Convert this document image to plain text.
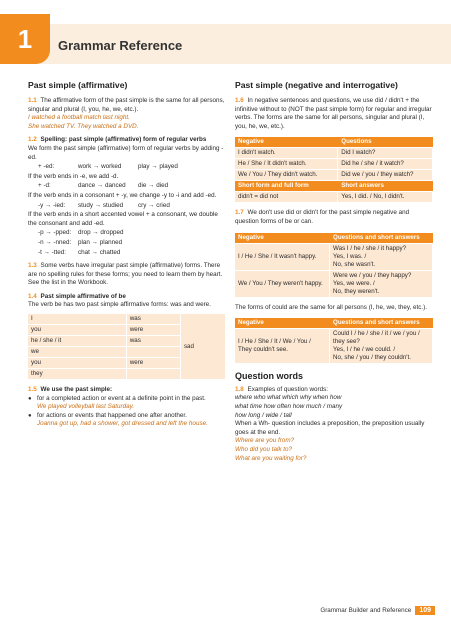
1	Grammar Reference
Past simple (affirmative)
1.1 The affirmative form of the past simple is the same for all persons, singular and plural (I, you, he, we, etc.).
I watched a football match last night.
She watched TV. They watched a DVD.
1.2 Spelling: past simple (affirmative) form of regular verbs
We form the past simple (affirmative) form of regular verbs by adding -ed.
+ -ed:	work → worked	play → played
If the verb ends in -e, we add -d.
+ -d:	dance → danced die → died
If the verb ends in a consonant + -y, we change -y to -i and add -ed.
-y → -ied: study → studied cry → cried
If the verb ends in a short accented vowel + a consonant, we double the consonant and add -ed.
-p → -pped: drop → dropped
-n → -nned: plan → planned
-t → -tted: chat → chatted
1.3 Some verbs have irregular past simple (affirmative) forms. There are no spelling rules for these forms; you need to learn them by heart. See the list in the Workbook.
1.4 Past simple affirmative of be
The verb be has two past simple affirmative forms: was and were.
I	was	sad
you	were	
he / she / it	was	
we		
you	were	
they		
1.5 We use the past simple:
● for a completed action or event at a definite point in the past.
We played volleyball last Saturday.
● for actions or events that happened one after another.
Joanna got up, had a shower, got dressed and left the house.
Past simple (negative and interrogative)
1.6 In negative sentences and questions, we use did / didn't + the infinitive without to (NOT the past simple form) for regular and irregular verbs. The forms are the same for all persons, singular and plural (I, you, he, we, etc.).
Negative	Questions
I didn't watch.	Did I watch?
He / She / It didn't watch.	Did he / she / it watch?
We / You / They didn't watch.	Did we / you / they watch?
Short form and full form	Short answers
didn't = did not	Yes, I did. / No, I didn't.
1.7 We don't use did or didn't for the past simple negative and question forms of be or can.
Negative	Questions and short answers
I / He / She / It wasn't happy.	Was I / he / she / it happy?
Yes, I was. /
No, she wasn't.

We / You / They weren't happy.	Were we / you / they happy?
Yes, we were. /
No, they weren't.
The forms of could are the same for all persons (I, he, we, they, etc.).
Negative	Questions and short answers
I / He / She / It / We / You / They couldn't see.	Could I / he / she / it / we / you / they see?
Yes, I / he / we could. /
No, she / you / they couldn't.
Question words
1.8 Examples of question words:
where who what which why when how
what time how often how much / many
how long / wide / tall
When a Wh- question includes a preposition, the preposition usually goes at the end.
Where are you from?
Who did you talk to?
What are you waiting for?
Grammar Builder and Reference	109
